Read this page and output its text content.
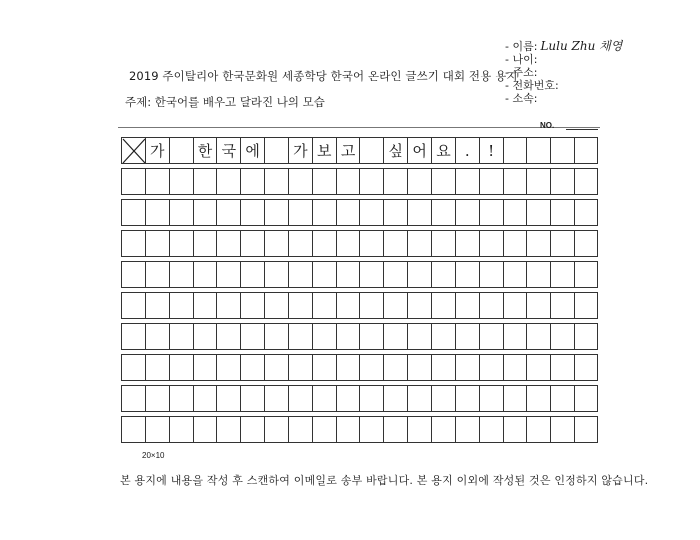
2019 주이탈리아 한국문화원 세종학당 한국어 온라인 글쓰기 대회 전용 용지
주제: 한국어를 배우고 달라진 나의 모습
- 이름: Lulu Zhu 채영
- 나이:
- 주소:
- 전화번호:
- 소속:
NO.
가	한 국 에	가 보 고	싶 어 요 .	!
20×10
본 용지에 내용을 작성 후 스캔하여 이메일로 송부 바랍니다. 본 용지 이외에 작성된 것은 인정하지 않습니다.
